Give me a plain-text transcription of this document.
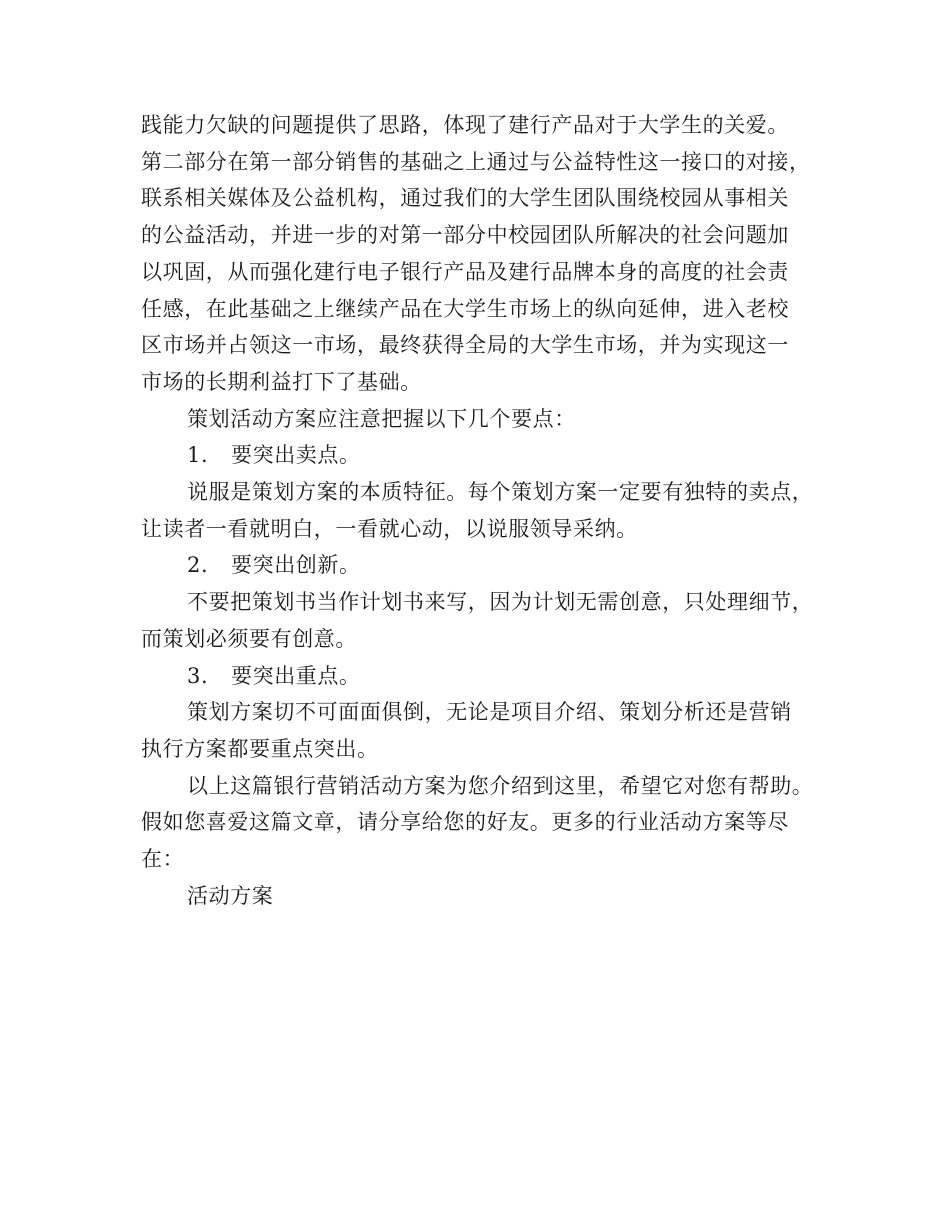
践能力欠缺的问题提供了思路，体现了建行产品对于大学生的关爱。
第二部分在第一部分销售的基础之上通过与公益特性这一接口的对接，
联系相关媒体及公益机构，通过我们的大学生团队围绕校园从事相关
的公益活动，并进一步的对第一部分中校园团队所解决的社会问题加
以巩固，从而强化建行电子银行产品及建行品牌本身的高度的社会责
任感，在此基础之上继续产品在大学生市场上的纵向延伸，进入老校
区市场并占领这一市场，最终获得全局的大学生市场，并为实现这一
市场的长期利益打下了基础。

策划活动方案应注意把握以下几个要点：

1. 要突出卖点。
说服是策划方案的本质特征。每个策划方案一定要有独特的卖点，
让读者一看就明白，一看就心动，以说服领导采纳。
2. 要突出创新。
不要把策划书当作计划书来写，因为计划无需创意，只处理细节，
而策划必须要有创意。
3. 要突出重点。
策划方案切不可面面俱倒，无论是项目介绍、策划分析还是营销
执行方案都要重点突出。
以上这篇银行营销活动方案为您介绍到这里，希望它对您有帮助。
假如您喜爱这篇文章，请分享给您的好友。更多的行业活动方案等尽
在：

活动方案
